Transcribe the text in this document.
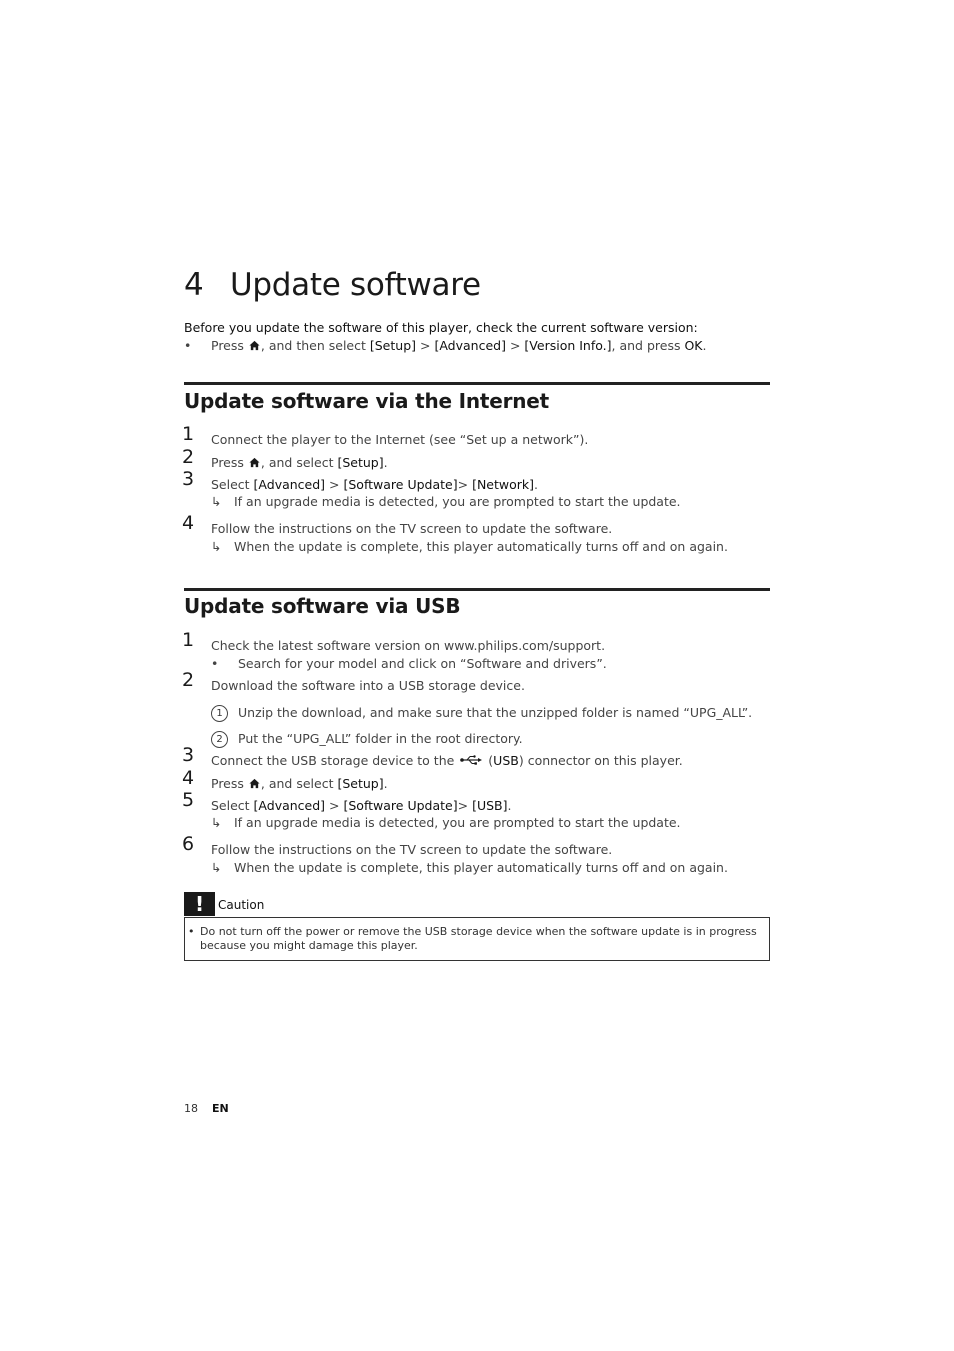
4 Update software
Before you update the software of this player, check the current software version:
• Press , and then select [Setup] > [Advanced] > [Version Info.], and press OK.
Update software via the Internet
1 Connect the player to the Internet (see “Set up a network”).
2 Press , and select [Setup].
3 Select [Advanced] > [Software Update]> [Network].
↳ If an upgrade media is detected, you are prompted to start the update.
4 Follow the instructions on the TV screen to update the software.
↳ When the update is complete, this player automatically turns off and on again.
Update software via USB
1 Check the latest software version on www.philips.com/support.
• Search for your model and click on “Software and drivers”.
2 Download the software into a USB storage device.
1	Unzip the download, and make sure that the unzipped folder is named “UPG_ALL”.
2	Put the “UPG_ALL” folder in the root directory.
3 Connect the USB storage device to the	(USB) connector on this player.
4 Press , and select [Setup].
5 Select [Advanced] > [Software Update]> [USB].
↳ If an upgrade media is detected, you are prompted to start the update.
6 Follow the instructions on the TV screen to update the software.
↳ When the update is complete, this player automatically turns off and on again.
!	Caution
• Do not turn off the power or remove the USB storage device when the software update is in progress because you might damage this player.
18 EN
